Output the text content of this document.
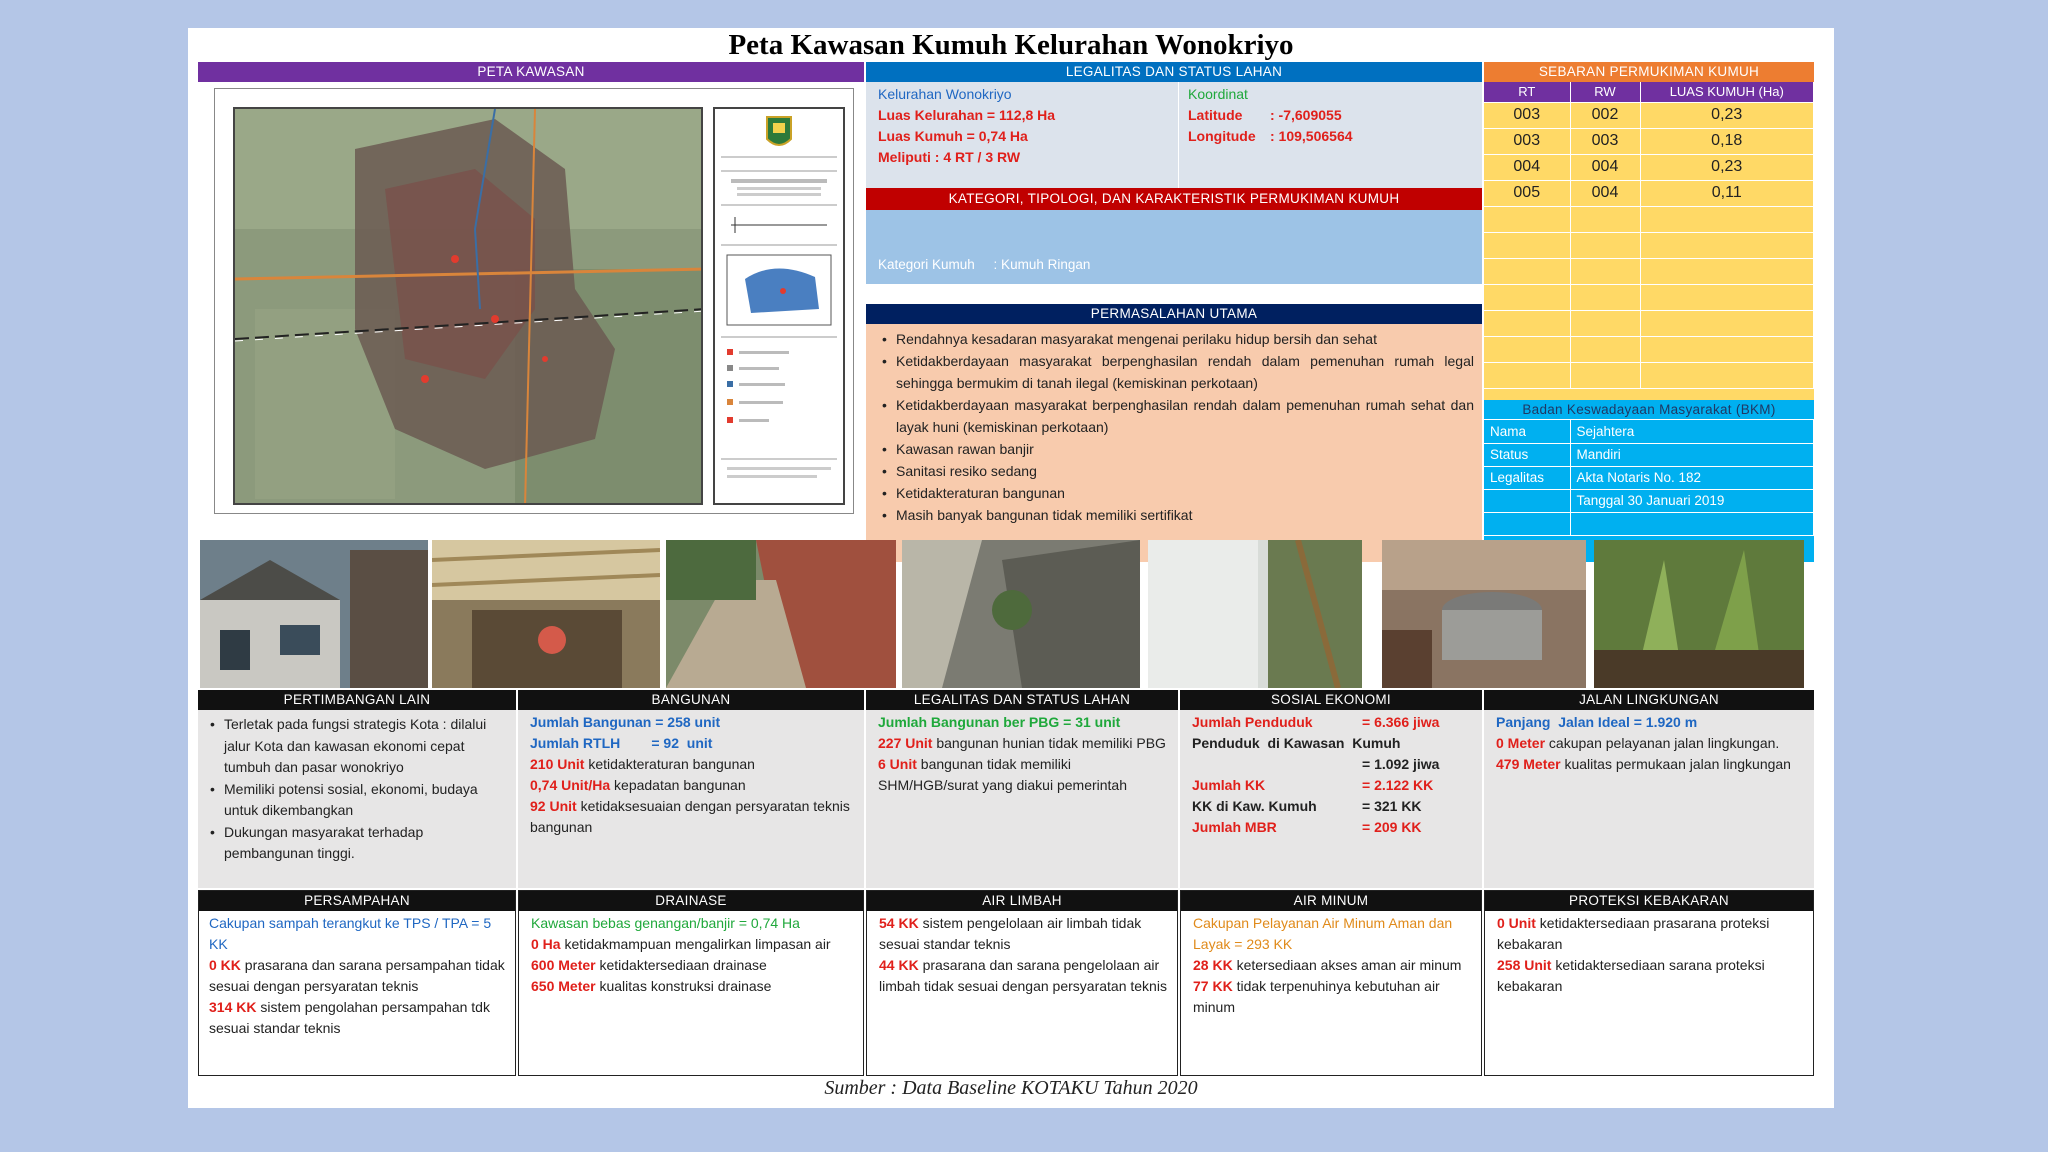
Peta Kawasan Kumuh Kelurahan Wonokriyo
PETA KAWASAN	LEGALITAS DAN STATUS LAHAN
Kelurahan Wonokriyo
Luas Kelurahan = 112,8 Ha
Luas Kumuh = 0,74 Ha
Meliputi : 4 RT / 3 RW
Koordinat
Latitude : -7,609055
Longitude : 109,506564
KATEGORI, TIPOLOGI, DAN KARAKTERISTIK PERMUKIMAN KUMUH

Kategori Kumuh     : Kumuh Ringan

PERMASALAHAN UTAMA
• Rendahnya kesadaran masyarakat mengenai perilaku hidup bersih dan sehat
• Ketidakberdayaan masyarakat berpenghasilan rendah dalam pemenuhan rumah legal sehingga bermukim di tanah ilegal (kemiskinan perkotaan)
• Ketidakberdayaan masyarakat berpenghasilan rendah dalam pemenuhan rumah sehat dan layak huni (kemiskinan perkotaan)
• Kawasan rawan banjir
• Sanitasi resiko sedang
• Ketidakteraturan bangunan
• Masih banyak bangunan tidak memiliki sertifikat
SEBARAN PERMUKIMAN KUMUH
RT	RW	LUAS KUMUH (Ha)
003	002	0,23
003	003	0,18
004	004	0,23
005	004	0,11

Badan Keswadayaan Masyarakat (BKM)
Nama	Sejahtera
Status	Mandiri
Legalitas	Akta Notaris No. 182
	Tanggal 30 Januari 2019

PERTIMBANGAN LAIN
• Terletak pada fungsi strategis Kota : dilalui jalur Kota dan kawasan ekonomi cepat tumbuh dan pasar wonokriyo
• Memiliki potensi sosial, ekonomi, budaya untuk dikembangkan
• Dukungan masyarakat terhadap pembangunan tinggi.
BANGUNAN
Jumlah Bangunan = 258 unit
Jumlah RTLH        = 92  unit
210 Unit ketidakteraturan bangunan
0,74 Unit/Ha kepadatan bangunan
92 Unit ketidaksesuaian dengan persyaratan teknis bangunan
LEGALITAS DAN STATUS LAHAN
Jumlah Bangunan ber PBG = 31 unit
227 Unit bangunan hunian tidak memiliki PBG
6 Unit bangunan tidak memiliki SHM/HGB/surat yang diakui pemerintah
SOSIAL EKONOMI
Jumlah Penduduk	= 6.366 jiwa
Penduduk  di Kawasan  Kumuh
= 1.092 jiwa
Jumlah KK	= 2.122 KK
KK di Kaw. Kumuh	= 321 KK
Jumlah MBR	= 209 KK
JALAN LINGKUNGAN
Panjang  Jalan Ideal = 1.920 m
0 Meter cakupan pelayanan jalan lingkungan.
479 Meter kualitas permukaan jalan lingkungan
PERSAMPAHAN
Cakupan sampah terangkut ke TPS / TPA = 5 KK
0 KK prasarana dan sarana persampahan tidak sesuai dengan persyaratan teknis
314 KK sistem pengolahan persampahan tdk sesuai standar teknis
DRAINASE
Kawasan bebas genangan/banjir = 0,74 Ha
0 Ha ketidakmampuan mengalirkan limpasan air
600 Meter ketidaktersediaan drainase
650 Meter kualitas konstruksi drainase
AIR LIMBAH
54 KK sistem pengelolaan air limbah tidak sesuai standar teknis
44 KK prasarana dan sarana pengelolaan air limbah tidak sesuai dengan persyaratan teknis
AIR MINUM
Cakupan Pelayanan Air Minum Aman dan Layak = 293 KK
28 KK ketersediaan akses aman air minum
77 KK tidak terpenuhinya kebutuhan air minum
PROTEKSI KEBAKARAN
0 Unit ketidaktersediaan prasarana proteksi kebakaran
258 Unit ketidaktersediaan sarana proteksi kebakaran
Sumber : Data Baseline KOTAKU Tahun 2020
